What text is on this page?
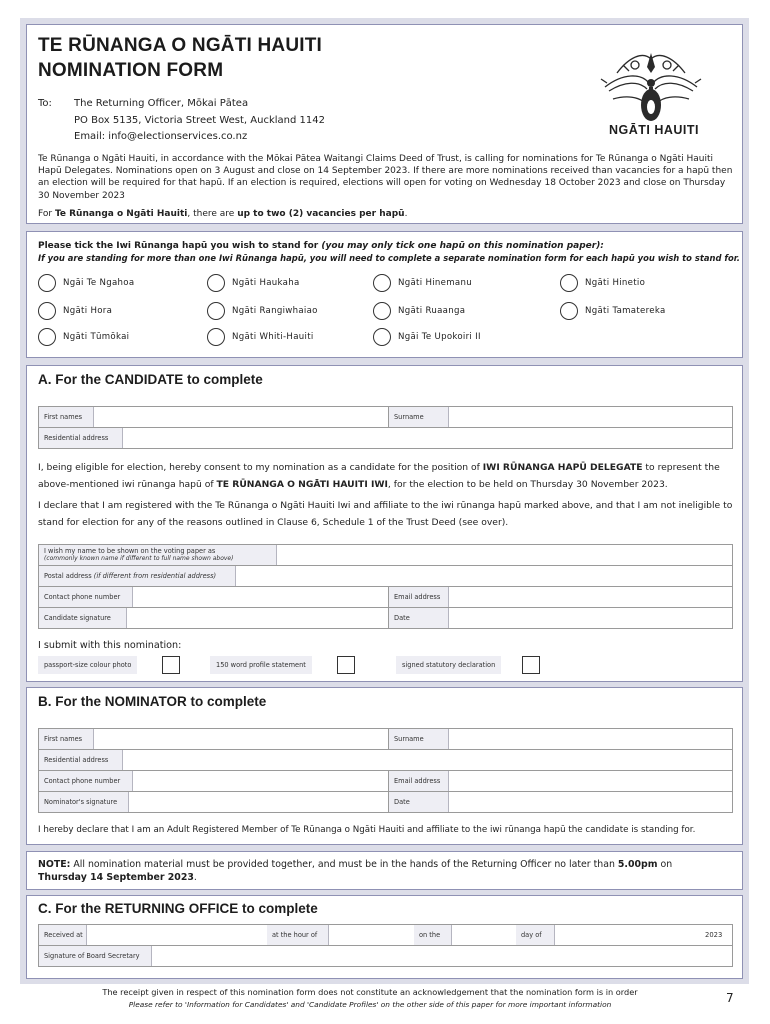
TE RŪNANGA O NGĀTI HAUITI
NOMINATION FORM
To: The Returning Officer, Mōkai Pātea
PO Box 5135, Victoria Street West, Auckland 1142
Email: info@electionservices.co.nz	NGĀTI HAUITI
Te Rūnanga o Ngāti Hauiti, in accordance with the Mōkai Pātea Waitangi Claims Deed of Trust, is calling for nominations for Te Rūnanga o Ngāti Hauiti Hapū Delegates. Nominations open on 3 August and close on 14 September 2023. If there are more nominations received than vacancies for a hapū then an election will be required for that hapū. If an election is required, elections will open for voting on Wednesday 18 October 2023 and close on Thursday 30 November 2023
For Te Rūnanga o Ngāti Hauiti, there are up to two (2) vacancies per hapū.
Please tick the Iwi Rūnanga hapū you wish to stand for (you may only tick one hapū on this nomination paper):
If you are standing for more than one Iwi Rūnanga hapū, you will need to complete a separate nomination form for each hapū you wish to stand for.
Ngāi Te Ngahoa	Ngāti Haukaha	Ngāti Hinemanu	Ngāti Hinetio
Ngāti Hora	Ngāti Rangiwhaiao	Ngāti Ruaanga	Ngāti Tamatereka
Ngāti Tūmōkai	Ngāti Whiti-Hauiti	Ngāi Te Upokoiri II
A. For the CANDIDATE to complete
First names	Surname
Residential address
I, being eligible for election, hereby consent to my nomination as a candidate for the position of IWI RŪNANGA HAPŪ DELEGATE to represent the above-mentioned iwi rūnanga hapū of TE RŪNANGA O NGĀTI HAUITI IWI, for the election to be held on Thursday 30 November 2023.
I declare that I am registered with the Te Rūnanga o Ngāti Hauiti Iwi and affiliate to the iwi rūnanga hapū marked above, and that I am not ineligible to stand for election for any of the reasons outlined in Clause 6, Schedule 1 of the Trust Deed (see over).
I wish my name to be shown on the voting paper as
(commonly known name if different to full name shown above)
Postal address
(if different from residential address)
Contact phone number	Email address
Candidate signature	Date
I submit with this nomination:
passport-size colour photo	150 word profile statement	signed statutory declaration
B. For the NOMINATOR to complete
First names	Surname
Residential address
Contact phone number	Email address
Nominator's signature	Date
I hereby declare that I am an Adult Registered Member of Te Rūnanga o Ngāti Hauiti and affiliate to the iwi rūnanga hapū the candidate is standing for.
NOTE: All nomination material must be provided together, and must be in the hands of the Returning Officer no later than 5.00pm on
Thursday 14 September 2023.
C. For the RETURNING OFFICE to complete
Received at	at the hour of	on the	day of	2023
Signature of Board Secretary
The receipt given in respect of this nomination form does not constitute an acknowledgement that the nomination form is in order
Please refer to 'Information for Candidates' and 'Candidate Profiles' on the other side of this paper for more important information	7
